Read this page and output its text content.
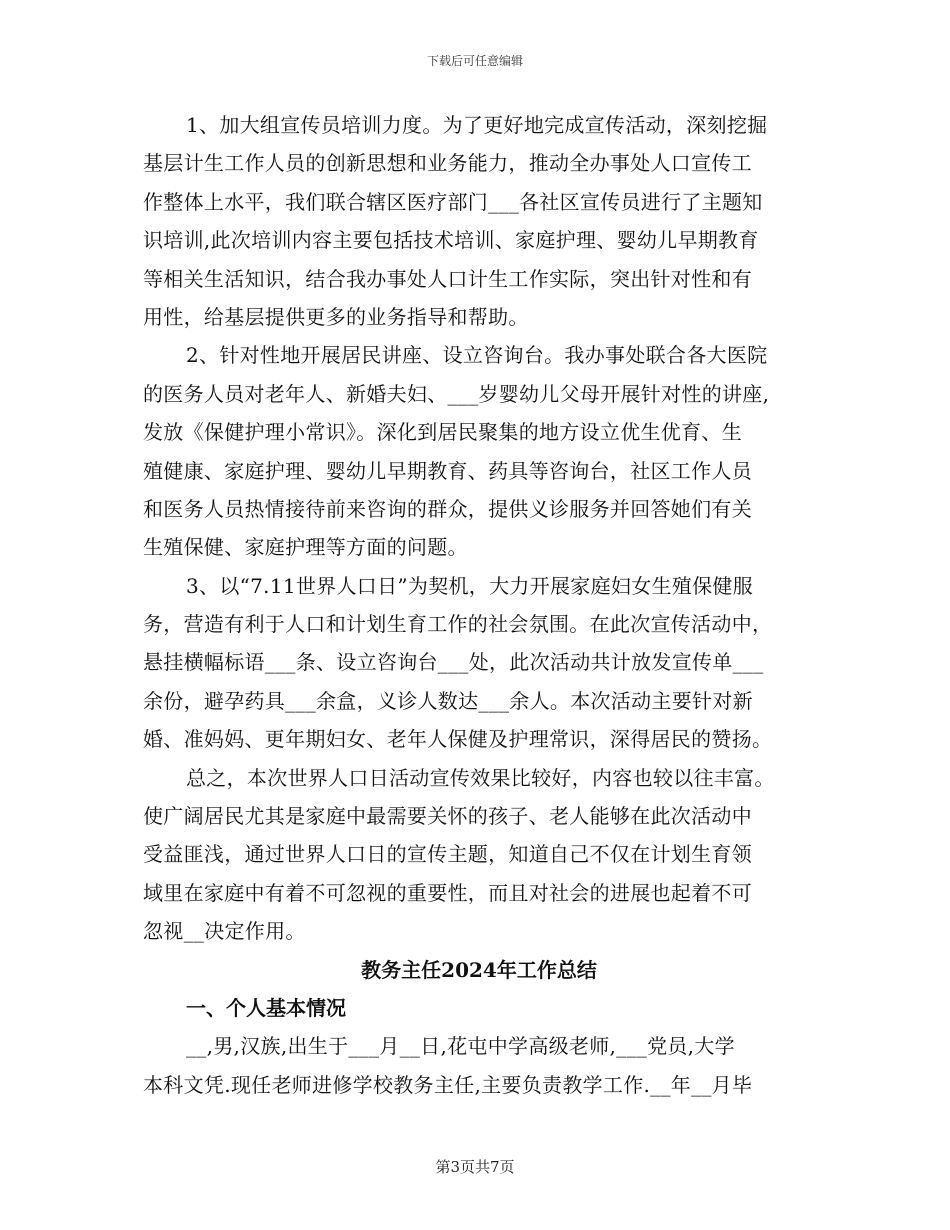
下载后可任意编辑
1、加大组宣传员培训力度。为了更好地完成宣传活动，深刻挖掘
基层计生工作人员的创新思想和业务能力，推动全办事处人口宣传工
作整体上水平，我们联合辖区医疗部门___各社区宣传员进行了主题知
识培训,此次培训内容主要包括技术培训、家庭护理、婴幼儿早期教育
等相关生活知识，结合我办事处人口计生工作实际，突出针对性和有
用性，给基层提供更多的业务指导和帮助。
2、针对性地开展居民讲座、设立咨询台。我办事处联合各大医院
的医务人员对老年人、新婚夫妇、___岁婴幼儿父母开展针对性的讲座,
发放《保健护理小常识》。深化到居民聚集的地方设立优生优育、生
殖健康、家庭护理、婴幼儿早期教育、药具等咨询台，社区工作人员
和医务人员热情接待前来咨询的群众，提供义诊服务并回答她们有关
生殖保健、家庭护理等方面的问题。
3、以“7.11世界人口日”为契机，大力开展家庭妇女生殖保健服
务，营造有利于人口和计划生育工作的社会氛围。在此次宣传活动中，
悬挂横幅标语___条、设立咨询台___处，此次活动共计放发宣传单___
余份，避孕药具___余盒，义诊人数达___余人。本次活动主要针对新
婚、准妈妈、更年期妇女、老年人保健及护理常识，深得居民的赞扬。
总之，本次世界人口日活动宣传效果比较好，内容也较以往丰富。
使广阔居民尤其是家庭中最需要关怀的孩子、老人能够在此次活动中
受益匪浅，通过世界人口日的宣传主题，知道自己不仅在计划生育领
域里在家庭中有着不可忽视的重要性，而且对社会的进展也起着不可
忽视__决定作用。
教务主任2024年工作总结
一、个人基本情况
__,男,汉族,出生于___月__日,花屯中学高级老师,___党员,大学
本科文凭.现任老师进修学校教务主任,主要负责教学工作.__年__月毕
第3页共7页
